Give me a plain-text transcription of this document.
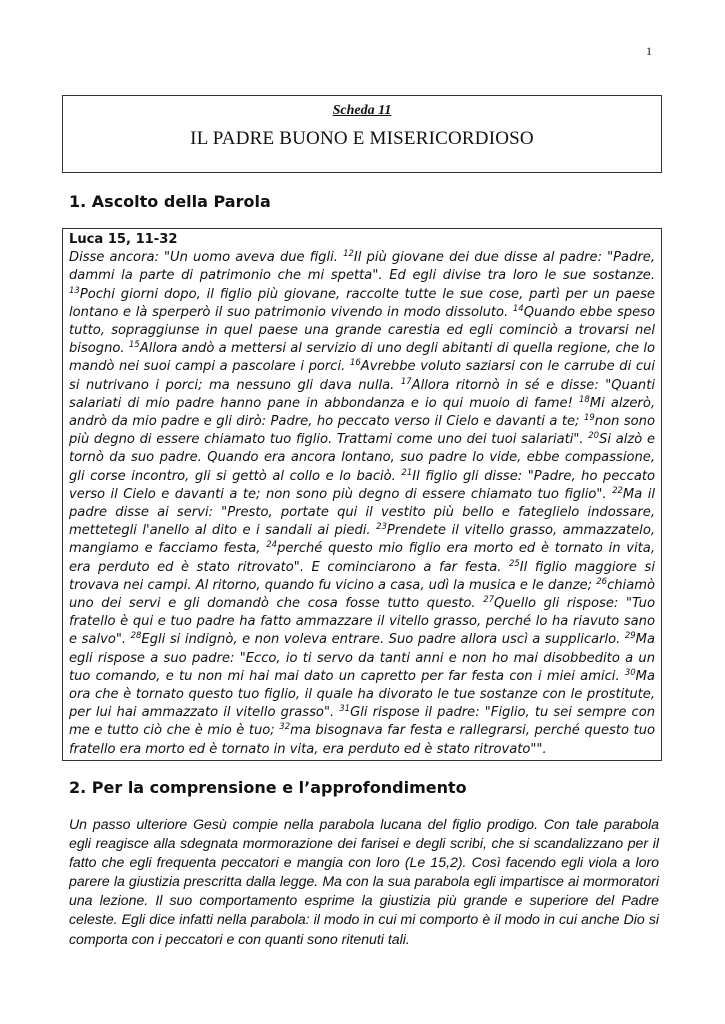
1
Scheda 11
IL PADRE BUONO E MISERICORDIOSO
1. Ascolto della Parola
Luca 15, 11-32
Disse ancora: "Un uomo aveva due figli. $^{12}$Il più giovane dei due disse al padre: "Padre, dammi la parte di patrimonio che mi spetta". Ed egli divise tra loro le sue sostanze. $^{13}$Pochi giorni dopo, il figlio più giovane, raccolte tutte le sue cose, partì per un paese lontano e là sperperò il suo patrimonio vivendo in modo dissoluto. $^{14}$Quando ebbe speso tutto, sopraggiunse in quel paese una grande carestia ed egli cominciò a trovarsi nel bisogno. $^{15}$Allora andò a mettersi al servizio di uno degli abitanti di quella regione, che lo mandò nei suoi campi a pascolare i porci. $^{16}$Avrebbe voluto saziarsi con le carrube di cui si nutrivano i porci; ma nessuno gli dava nulla. $^{17}$Allora ritornò in sé e disse: "Quanti salariati di mio padre hanno pane in abbondanza e io qui muoio di fame! $^{18}$Mi alzerò, andrò da mio padre e gli dirò: Padre, ho peccato verso il Cielo e davanti a te; $^{19}$non sono più degno di essere chiamato tuo figlio. Trattami come uno dei tuoi salariati". $^{20}$Si alzò e tornò da suo padre. Quando era ancora lontano, suo padre lo vide, ebbe compassione, gli corse incontro, gli si gettò al collo e lo baciò. $^{21}$Il figlio gli disse: "Padre, ho peccato verso il Cielo e davanti a te; non sono più degno di essere chiamato tuo figlio". $^{22}$Ma il padre disse ai servi: "Presto, portate qui il vestito più bello e fateglielo indossare, mettetegli l'anello al dito e i sandali ai piedi. $^{23}$Prendete il vitello grasso, ammazzatelo, mangiamo e facciamo festa, $^{24}$perché questo mio figlio era morto ed è tornato in vita, era perduto ed è stato ritrovato". E cominciarono a far festa. $^{25}$Il figlio maggiore si trovava nei campi. Al ritorno, quando fu vicino a casa, udì la musica e le danze; $^{26}$chiamò uno dei servi e gli domandò che cosa fosse tutto questo. $^{27}$Quello gli rispose: "Tuo fratello è qui e tuo padre ha fatto ammazzare il vitello grasso, perché lo ha riavuto sano e salvo". $^{28}$Egli si indignò, e non voleva entrare. Suo padre allora uscì a supplicarlo. $^{29}$Ma egli rispose a suo padre: "Ecco, io ti servo da tanti anni e non ho mai disobbedito a un tuo comando, e tu non mi hai mai dato un capretto per far festa con i miei amici. $^{30}$Ma ora che è tornato questo tuo figlio, il quale ha divorato le tue sostanze con le prostitute, per lui hai ammazzato il vitello grasso". $^{31}$Gli rispose il padre: "Figlio, tu sei sempre con me e tutto ciò che è mio è tuo; $^{32}$ma bisognava far festa e rallegrarsi, perché questo tuo fratello era morto ed è tornato in vita, era perduto ed è stato ritrovato"".
2. Per la comprensione e l’approfondimento
Un passo ulteriore Gesù compie nella parabola lucana del figlio prodigo. Con tale parabola egli reagisce alla sdegnata mormorazione dei farisei e degli scribi, che si scandalizzano per il fatto che egli frequenta peccatori e mangia con loro (Le 15,2). Così facendo egli viola a loro parere la giustizia prescritta dalla legge. Ma con la sua parabola egli impartisce ai mormoratori una lezione. Il suo comportamento esprime la giustizia più grande e superiore del Padre celeste. Egli dice infatti nella parabola: il modo in cui mi comporto è il modo in cui anche Dio si comporta con i peccatori e con quanti sono ritenuti tali.
